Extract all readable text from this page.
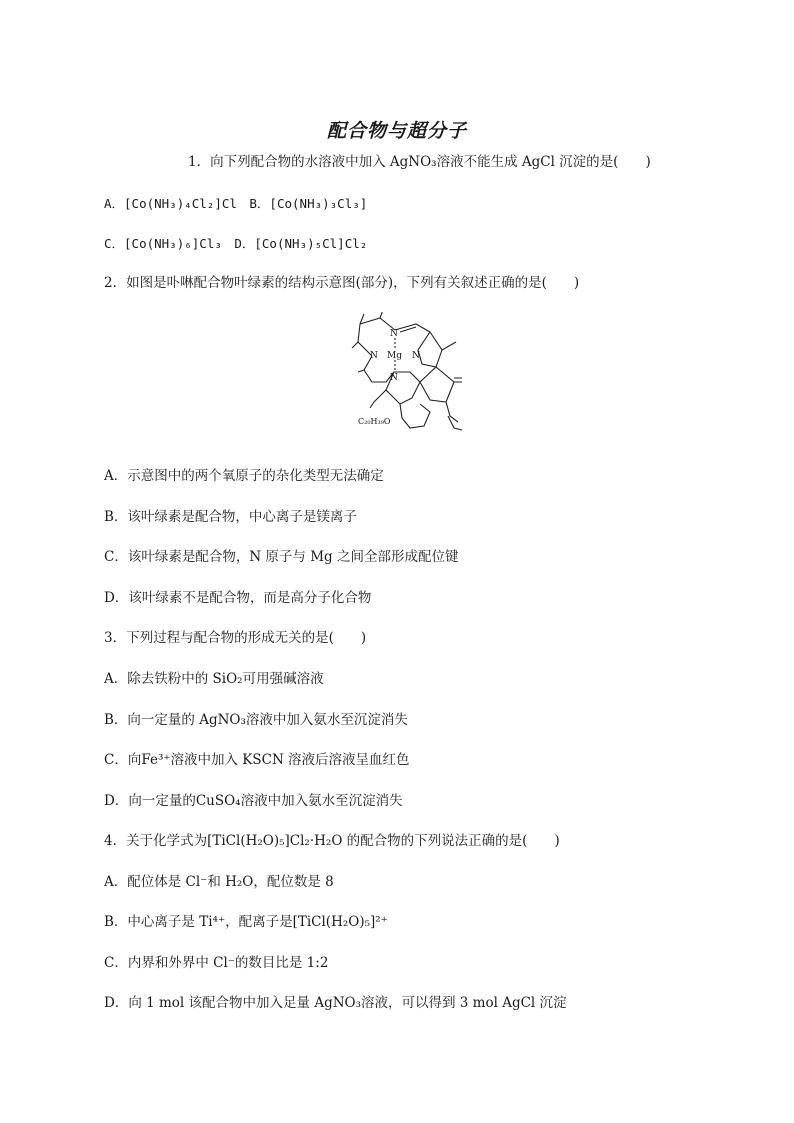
配合物与超分子
1．向下列配合物的水溶液中加入 AgNO₃溶液不能生成 AgCl 沉淀的是(　　)
A．[Co(NH₃)₄Cl₂]Cl　B．[Co(NH₃)₃Cl₃]
C．[Co(NH₃)₆]Cl₃　D．[Co(NH₃)₅Cl]Cl₂
2．如图是卟啉配合物叶绿素的结构示意图(部分)，下列有关叙述正确的是(　　)
N
N Mg N
N
C₂₀H₃₉O
A．示意图中的两个氧原子的杂化类型无法确定
B．该叶绿素是配合物，中心离子是镁离子
C．该叶绿素是配合物，N 原子与 Mg 之间全部形成配位键
D．该叶绿素不是配合物，而是高分子化合物
3．下列过程与配合物的形成无关的是(　　)
A．除去铁粉中的 SiO₂可用强碱溶液
B．向一定量的 AgNO₃溶液中加入氨水至沉淀消失
C．向Fe³⁺溶液中加入 KSCN 溶液后溶液呈血红色
D．向一定量的CuSO₄溶液中加入氨水至沉淀消失
4．关于化学式为[TiCl(H₂O)₅]Cl₂·H₂O 的配合物的下列说法正确的是(　　)
A．配位体是 Cl⁻和 H₂O，配位数是 8
B．中心离子是 Ti⁴⁺，配离子是[TiCl(H₂O)₅]²⁺
C．内界和外界中 Cl⁻的数目比是 1:2
D．向 1 mol 该配合物中加入足量 AgNO₃溶液，可以得到 3 mol AgCl 沉淀
